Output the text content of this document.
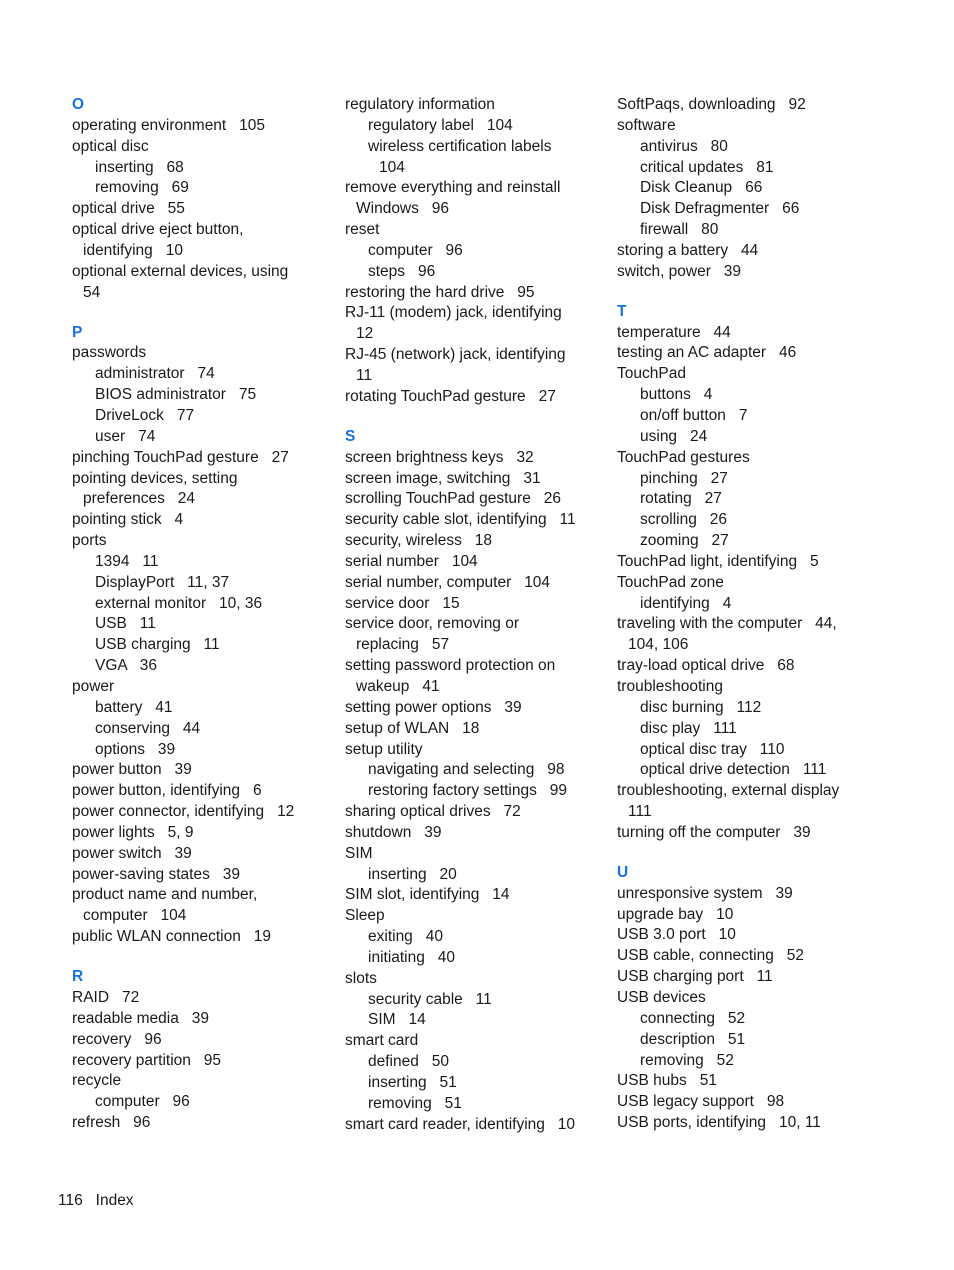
O
operating environment   105
optical disc
inserting   68
removing   69
optical drive   55
optical drive eject button,
identifying   10
optional external devices, using
54
P
passwords
administrator   74
BIOS administrator   75
DriveLock   77
user   74
pinching TouchPad gesture   27
pointing devices, setting
preferences   24
pointing stick   4
ports
1394   11
DisplayPort   11, 37
external monitor   10, 36
USB   11
USB charging   11
VGA   36
power
battery   41
conserving   44
options   39
power button   39
power button, identifying   6
power connector, identifying   12
power lights   5, 9
power switch   39
power-saving states   39
product name and number,
computer   104
public WLAN connection   19
R
RAID   72
readable media   39
recovery   96
recovery partition   95
recycle
computer   96
refresh   96
regulatory information
regulatory label   104
wireless certification labels
104
remove everything and reinstall
Windows   96
reset
computer   96
steps   96
restoring the hard drive   95
RJ-11 (modem) jack, identifying
12
RJ-45 (network) jack, identifying
11
rotating TouchPad gesture   27
S
screen brightness keys   32
screen image, switching   31
scrolling TouchPad gesture   26
security cable slot, identifying   11
security, wireless   18
serial number   104
serial number, computer   104
service door   15
service door, removing or
replacing   57
setting password protection on
wakeup   41
setting power options   39
setup of WLAN   18
setup utility
navigating and selecting   98
restoring factory settings   99
sharing optical drives   72
shutdown   39
SIM
inserting   20
SIM slot, identifying   14
Sleep
exiting   40
initiating   40
slots
security cable   11
SIM   14
smart card
defined   50
inserting   51
removing   51
smart card reader, identifying   10
SoftPaqs, downloading   92
software
antivirus   80
critical updates   81
Disk Cleanup   66
Disk Defragmenter   66
firewall   80
storing a battery   44
switch, power   39
T
temperature   44
testing an AC adapter   46
TouchPad
buttons   4
on/off button   7
using   24
TouchPad gestures
pinching   27
rotating   27
scrolling   26
zooming   27
TouchPad light, identifying   5
TouchPad zone
identifying   4
traveling with the computer   44,
104, 106
tray-load optical drive   68
troubleshooting
disc burning   112
disc play   111
optical disc tray   110
optical drive detection   111
troubleshooting, external display
111
turning off the computer   39
U
unresponsive system   39
upgrade bay   10
USB 3.0 port   10
USB cable, connecting   52
USB charging port   11
USB devices
connecting   52
description   51
removing   52
USB hubs   51
USB legacy support   98
USB ports, identifying   10, 11
116 Index
